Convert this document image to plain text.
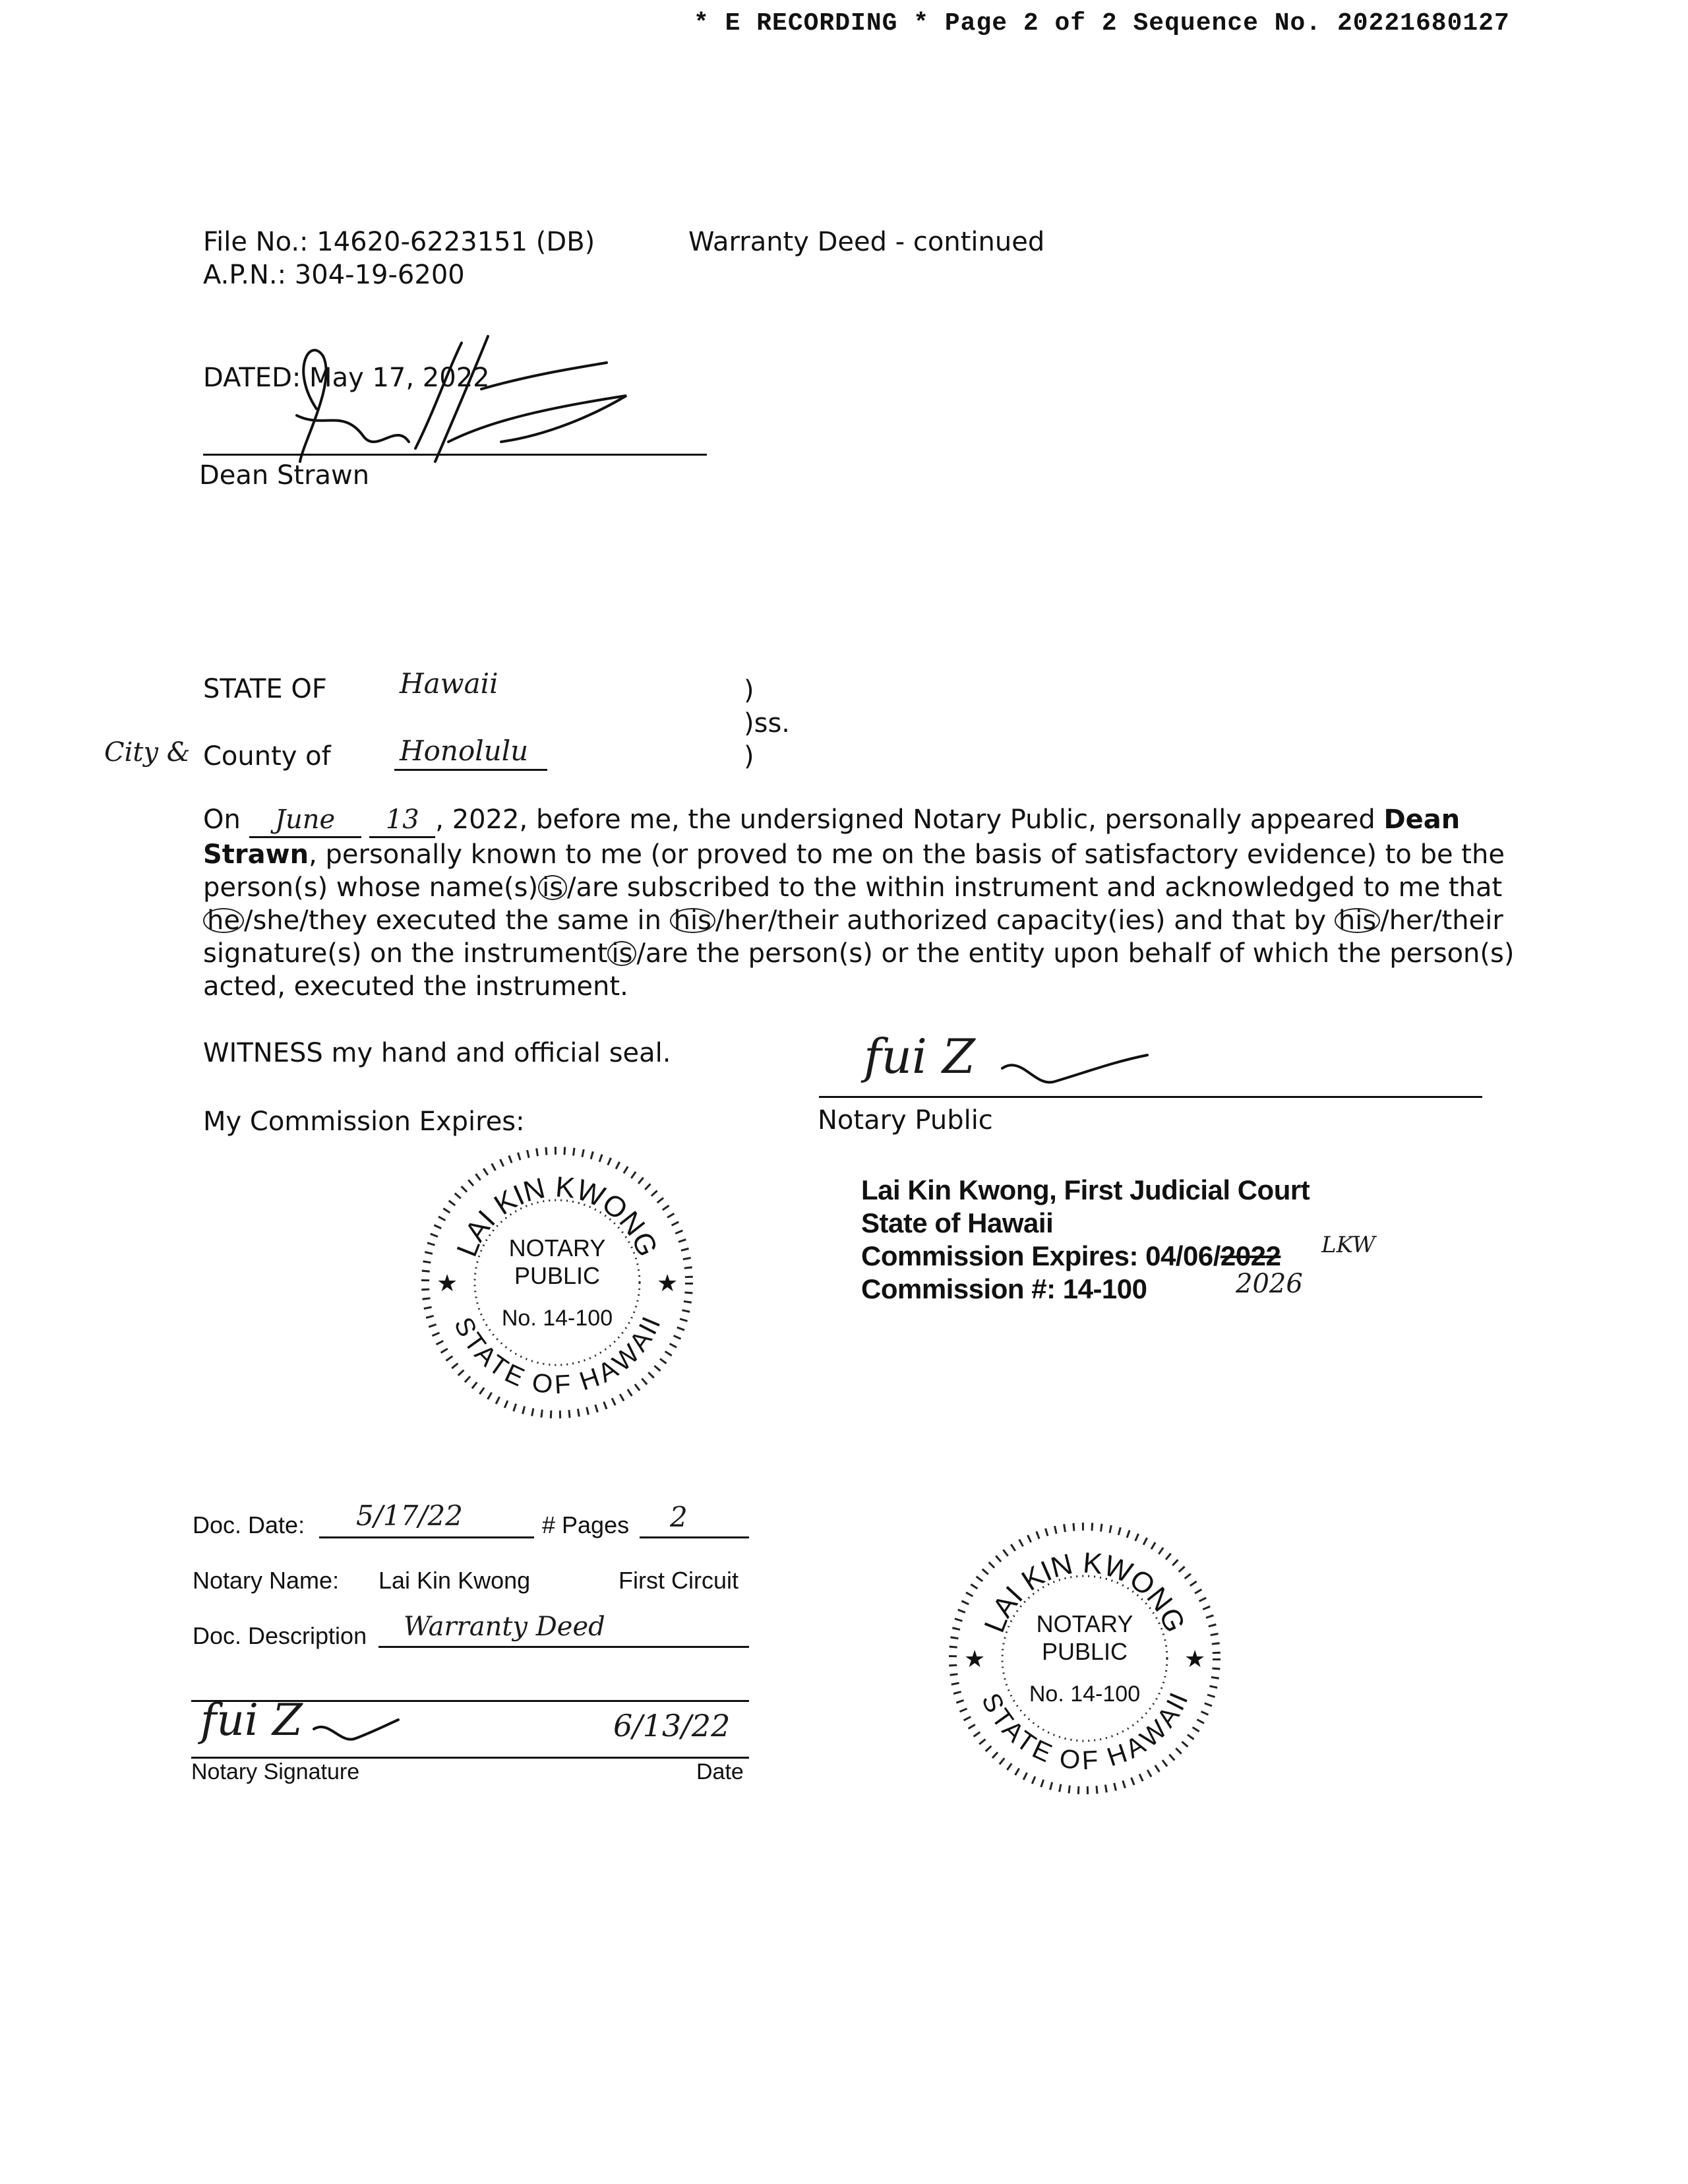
* E RECORDING * Page 2 of 2 Sequence No. 20221680127
File No.: 14620-6223151 (DB)
A.P.N.: 304-19-6200
Warranty Deed - continued
DATED: May 17, 2022
Dean Strawn
City &
STATE OF	Hawaii
County of Honolulu
)
)ss.
)

On June 13 , 2022, before me, the undersigned Notary Public, personally appeared Dean

Strawn, personally known to me (or proved to me on the basis of satisfactory evidence) to be the

person(s) whose name(s) is /are subscribed to the within instrument and acknowledged to me that

he /she/they executed the same in his /her/their authorized capacity(ies) and that by his /her/their

signature(s) on the instrument is /are the person(s) or the entity upon behalf of which the person(s)

acted, executed the instrument.

WITNESS my hand and official seal.
My Commission Expires:
fui Z
Notary Public
Lai Kin Kwong, First Judicial Court
State of Hawaii
Commission Expires: 04/06/2022 LKW
2026
Commission #: 14-100
LAI KIN KWONG
STATE OF HAWAII
NOTARY
PUBLIC
No. 14-100
★	★
Doc. Date: 5/17/22	# Pages 2
Notary Name: Lai Kin Kwong	First Circuit
Doc. Description Warranty Deed
fui Z	6/13/22
Notary Signature	Date
LAI KIN KWONG
STATE OF HAWAII
NOTARY
PUBLIC
No. 14-100
★	★
